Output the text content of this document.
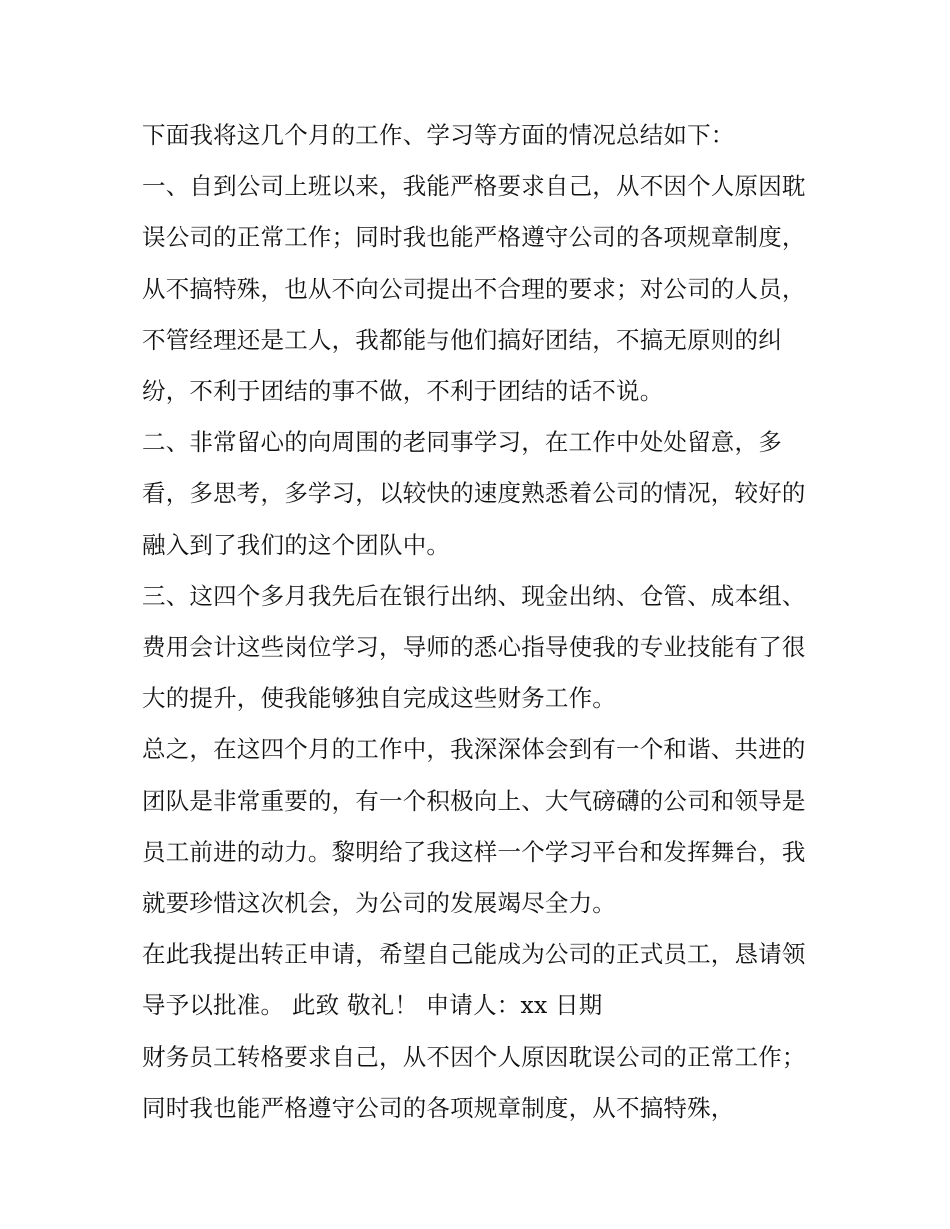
下面我将这几个月的工作、学习等方面的情况总结如下：

一、自到公司上班以来，我能严格要求自己，从不因个人原因耽误公司的正常工作；同时我也能严格遵守公司的各项规章制度，从不搞特殊，也从不向公司提出不合理的要求；对公司的人员，不管经理还是工人，我都能与他们搞好团结，不搞无原则的纠纷，不利于团结的事不做，不利于团结的话不说。

二、非常留心的向周围的老同事学习，在工作中处处留意，多看，多思考，多学习，以较快的速度熟悉着公司的情况，较好的融入到了我们的这个团队中。

三、这四个多月我先后在银行出纳、现金出纳、仓管、成本组、费用会计这些岗位学习，导师的悉心指导使我的专业技能有了很大的提升，使我能够独自完成这些财务工作。

总之，在这四个月的工作中，我深深体会到有一个和谐、共进的团队是非常重要的，有一个积极向上、大气磅礴的公司和领导是员工前进的动力。黎明给了我这样一个学习平台和发挥舞台，我就要珍惜这次机会，为公司的发展竭尽全力。

在此我提出转正申请，希望自己能成为公司的正式员工，恳请领导予以批准。 此致 敬礼！ 申请人：xx 日期

财务员工转格要求自己，从不因个人原因耽误公司的正常工作；同时我也能严格遵守公司的各项规章制度，从不搞特殊，
